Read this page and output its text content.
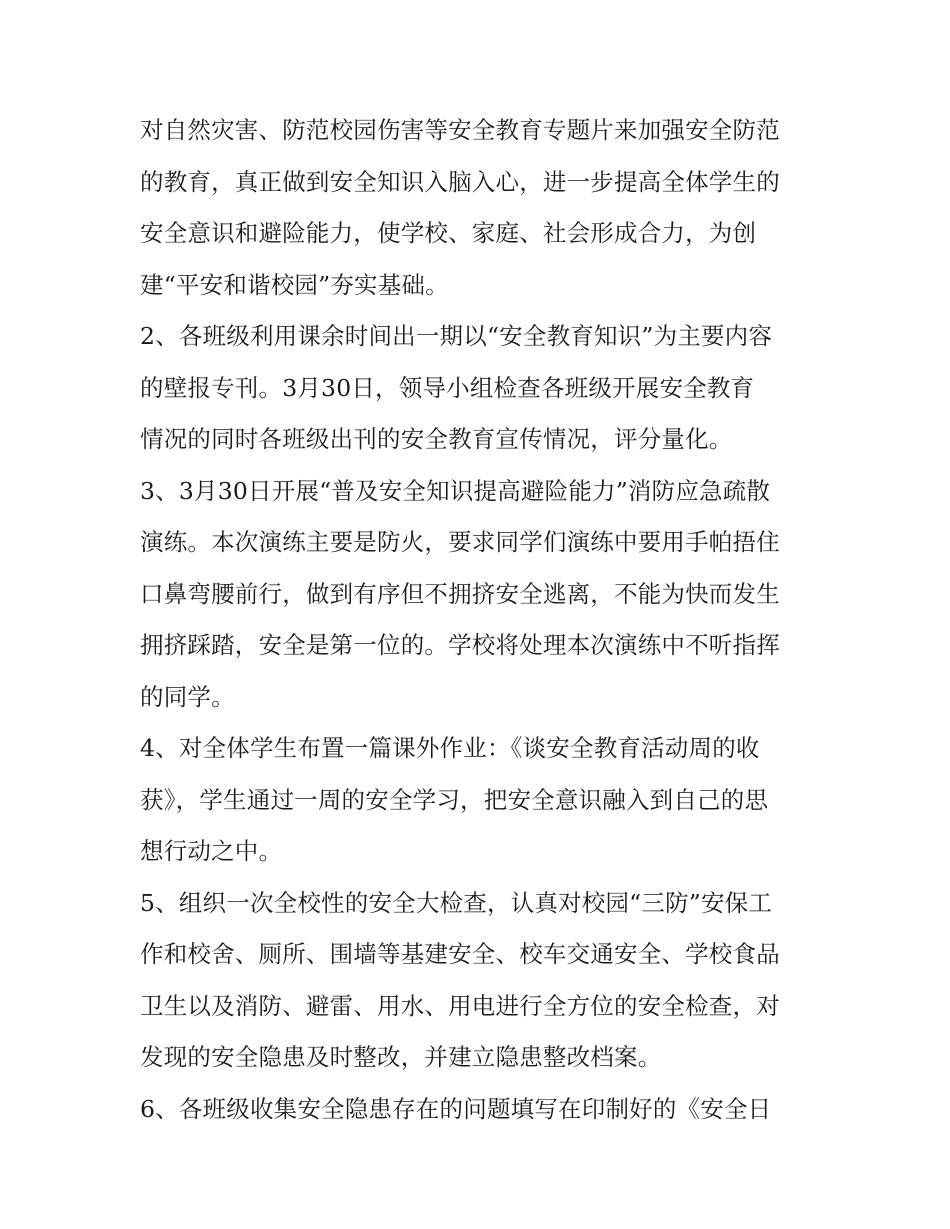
对自然灾害、防范校园伤害等安全教育专题片来加强安全防范
的教育，真正做到安全知识入脑入心，进一步提高全体学生的
安全意识和避险能力，使学校、家庭、社会形成合力，为创
建“平安和谐校园”夯实基础。
2、各班级利用课余时间出一期以“安全教育知识”为主要内容
的壁报专刊。3月30日，领导小组检查各班级开展安全教育
情况的同时各班级出刊的安全教育宣传情况，评分量化。
3、3月30日开展“普及安全知识提高避险能力”消防应急疏散
演练。本次演练主要是防火，要求同学们演练中要用手帕捂住
口鼻弯腰前行，做到有序但不拥挤安全逃离，不能为快而发生
拥挤踩踏，安全是第一位的。学校将处理本次演练中不听指挥
的同学。
4、对全体学生布置一篇课外作业：《谈安全教育活动周的收
获》，学生通过一周的安全学习，把安全意识融入到自己的思
想行动之中。
5、组织一次全校性的安全大检查，认真对校园“三防”安保工
作和校舍、厕所、围墙等基建安全、校车交通安全、学校食品
卫生以及消防、避雷、用水、用电进行全方位的安全检查，对
发现的安全隐患及时整改，并建立隐患整改档案。
6、各班级收集安全隐患存在的问题填写在印制好的《安全日
